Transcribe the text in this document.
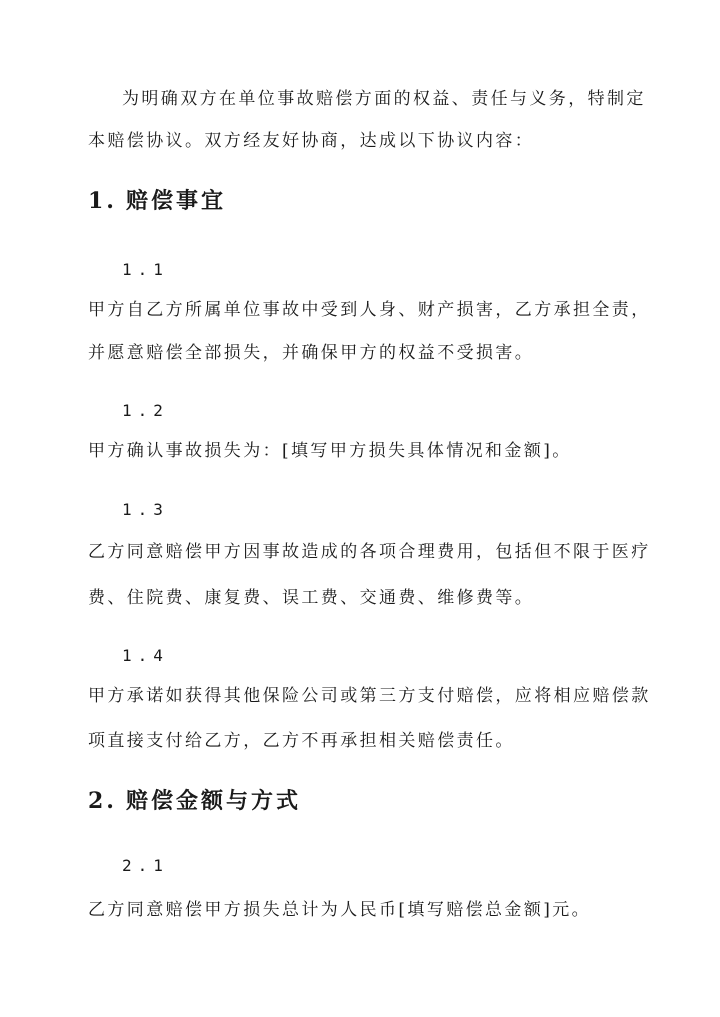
为明确双方在单位事故赔偿方面的权益、责任与义务，特制定
本赔偿协议。双方经友好协商，达成以下协议内容：
1. 赔偿事宜
1.1
甲方自乙方所属单位事故中受到人身、财产损害，乙方承担全责，
并愿意赔偿全部损失，并确保甲方的权益不受损害。
1.2
甲方确认事故损失为：[填写甲方损失具体情况和金额]。
1.3
乙方同意赔偿甲方因事故造成的各项合理费用，包括但不限于医疗
费、住院费、康复费、误工费、交通费、维修费等。
1.4
甲方承诺如获得其他保险公司或第三方支付赔偿，应将相应赔偿款
项直接支付给乙方，乙方不再承担相关赔偿责任。
2. 赔偿金额与方式
2.1
乙方同意赔偿甲方损失总计为人民币[填写赔偿总金额]元。
